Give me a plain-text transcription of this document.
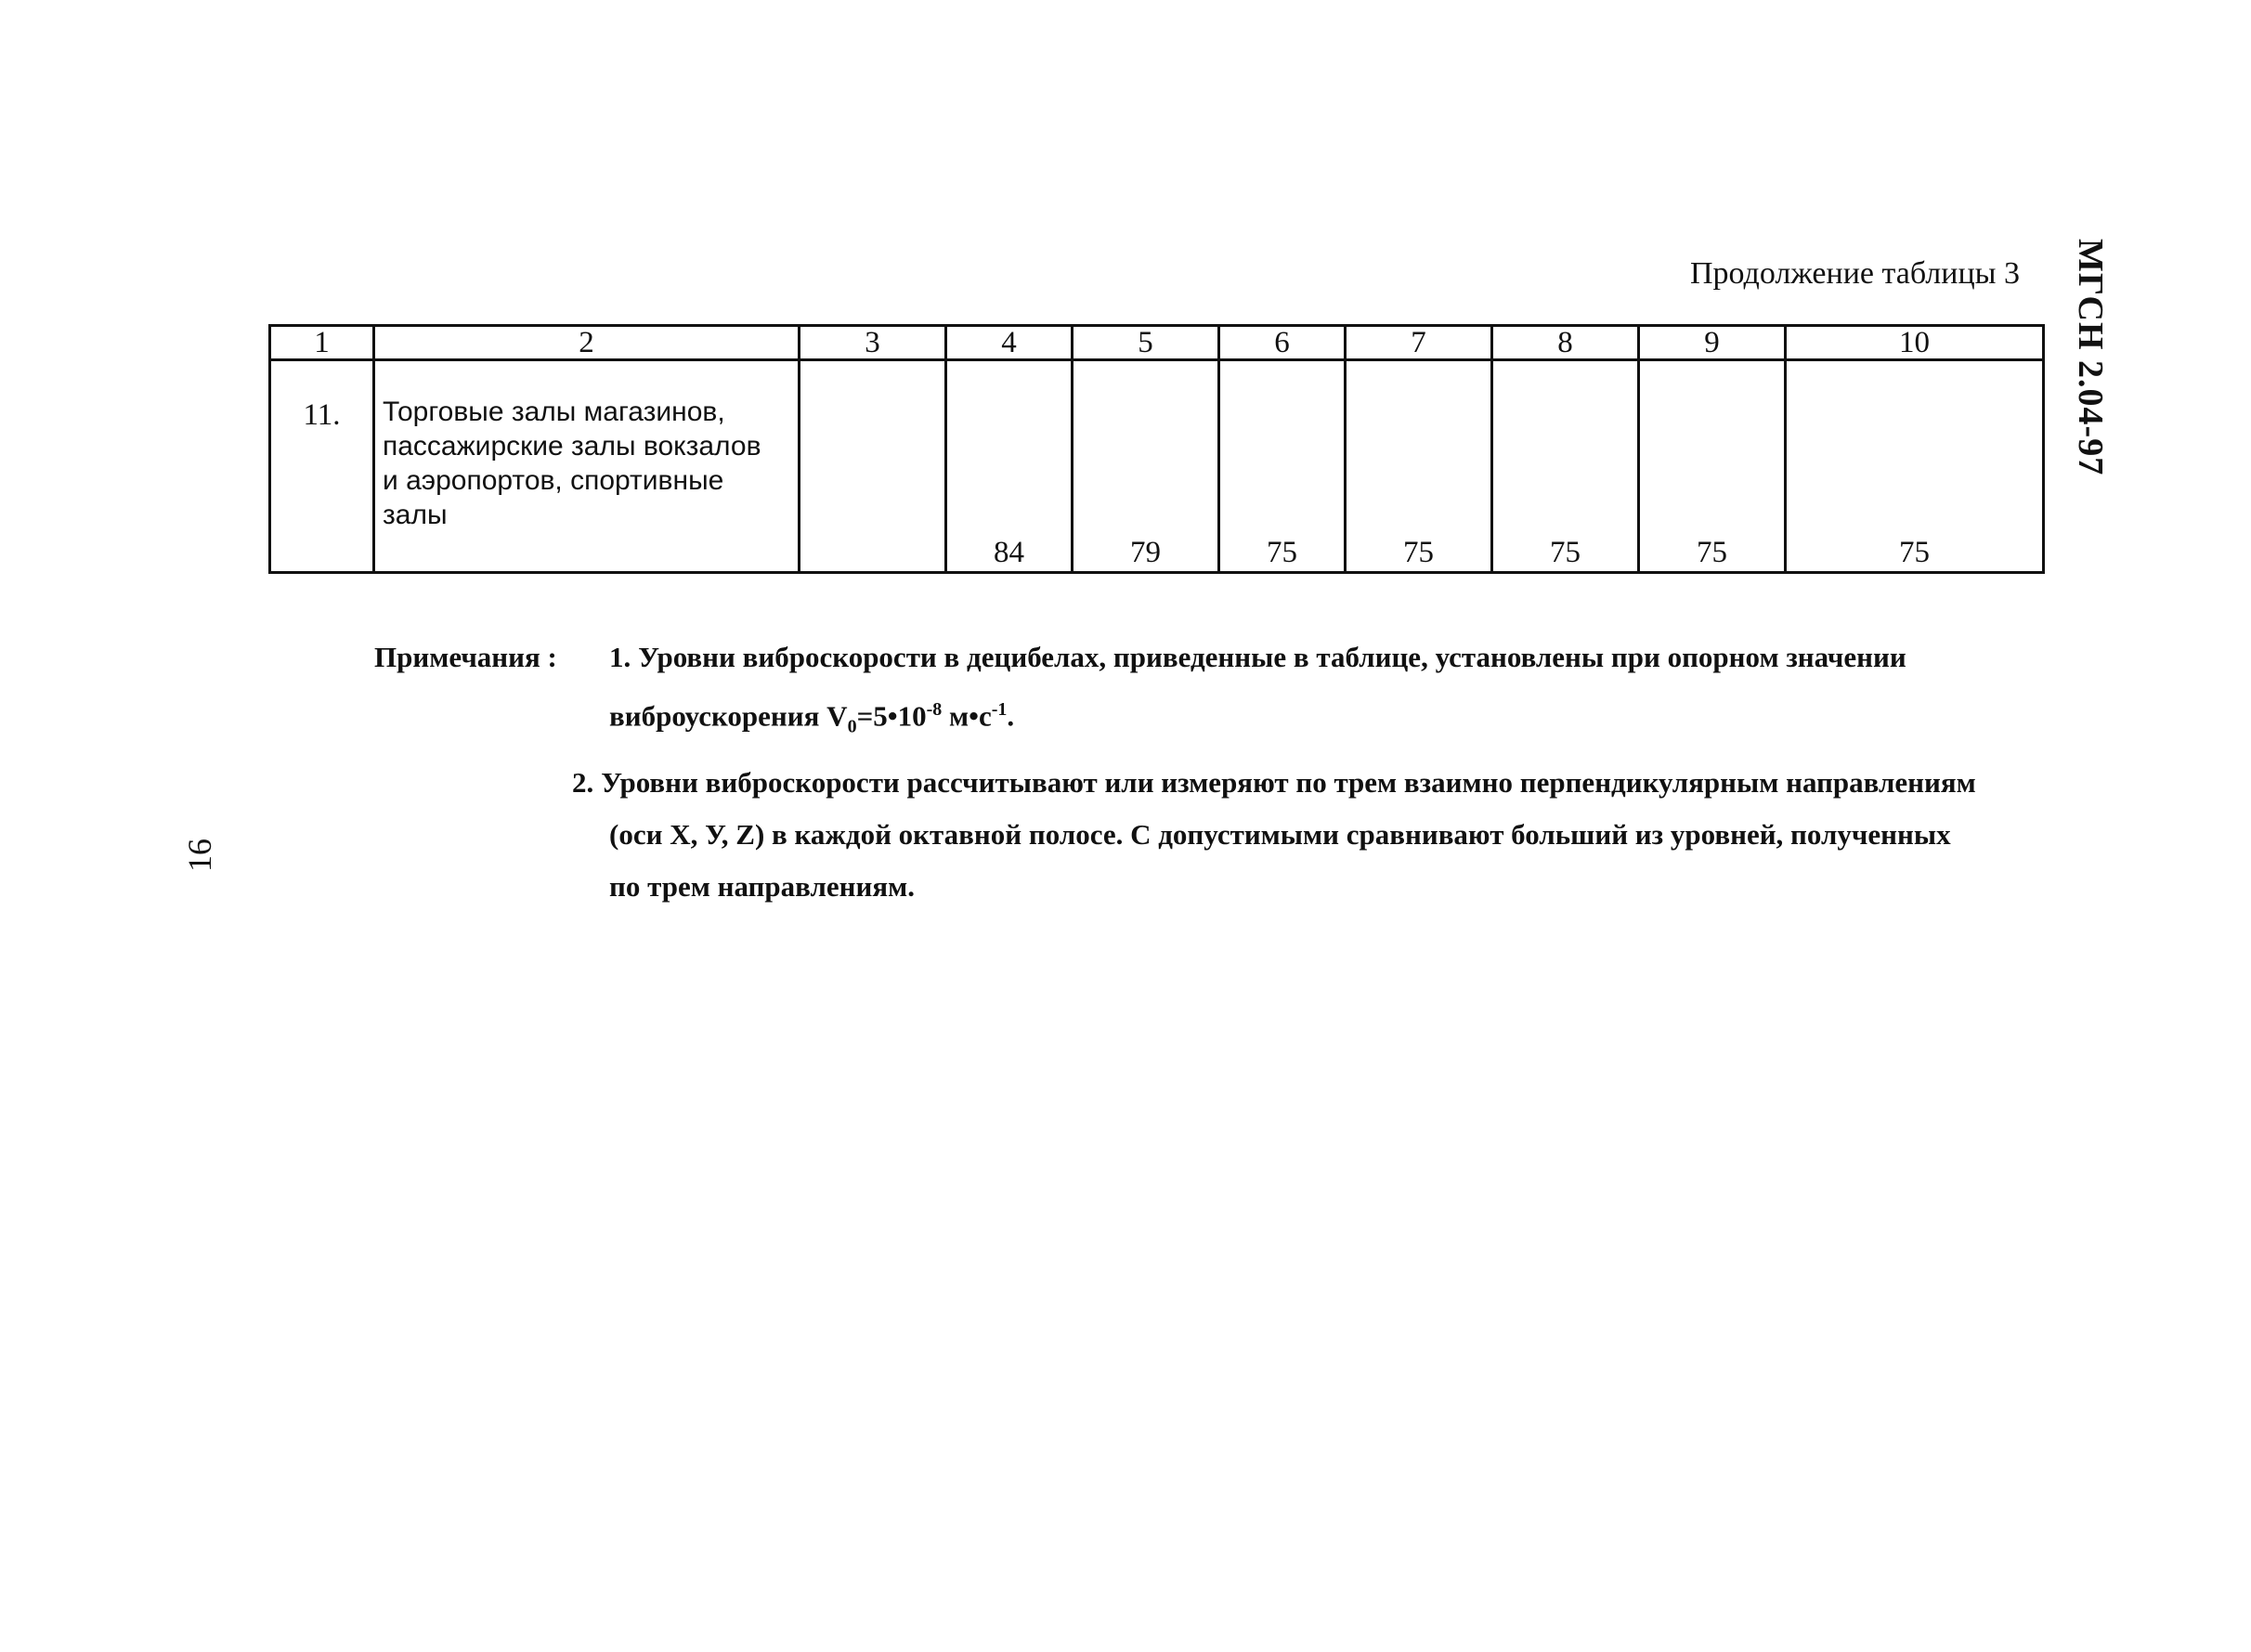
МГСН 2.04-97
16
Продолжение таблицы 3
1	2	3	4	5	6	7	8	9	10
11.	Торговые залы магазинов,
пассажирские залы вокзалов
и аэропортов, спортивные
залы		84	79	75	75	75	75	75
Примечания :	1. Уровни виброскорости в децибелах, приведенные в таблице, установлены при опорном значении
виброускорения $V_0=5•10^{-8}$ $м•с^{-1}$.
2. Уровни виброскорости рассчитывают или измеряют по трем взаимно перпендикулярным направлениям
(оси X, У, Z) в каждой октавной полосе. С допустимыми сравнивают больший из уровней, полученных
по трем направлениям.
